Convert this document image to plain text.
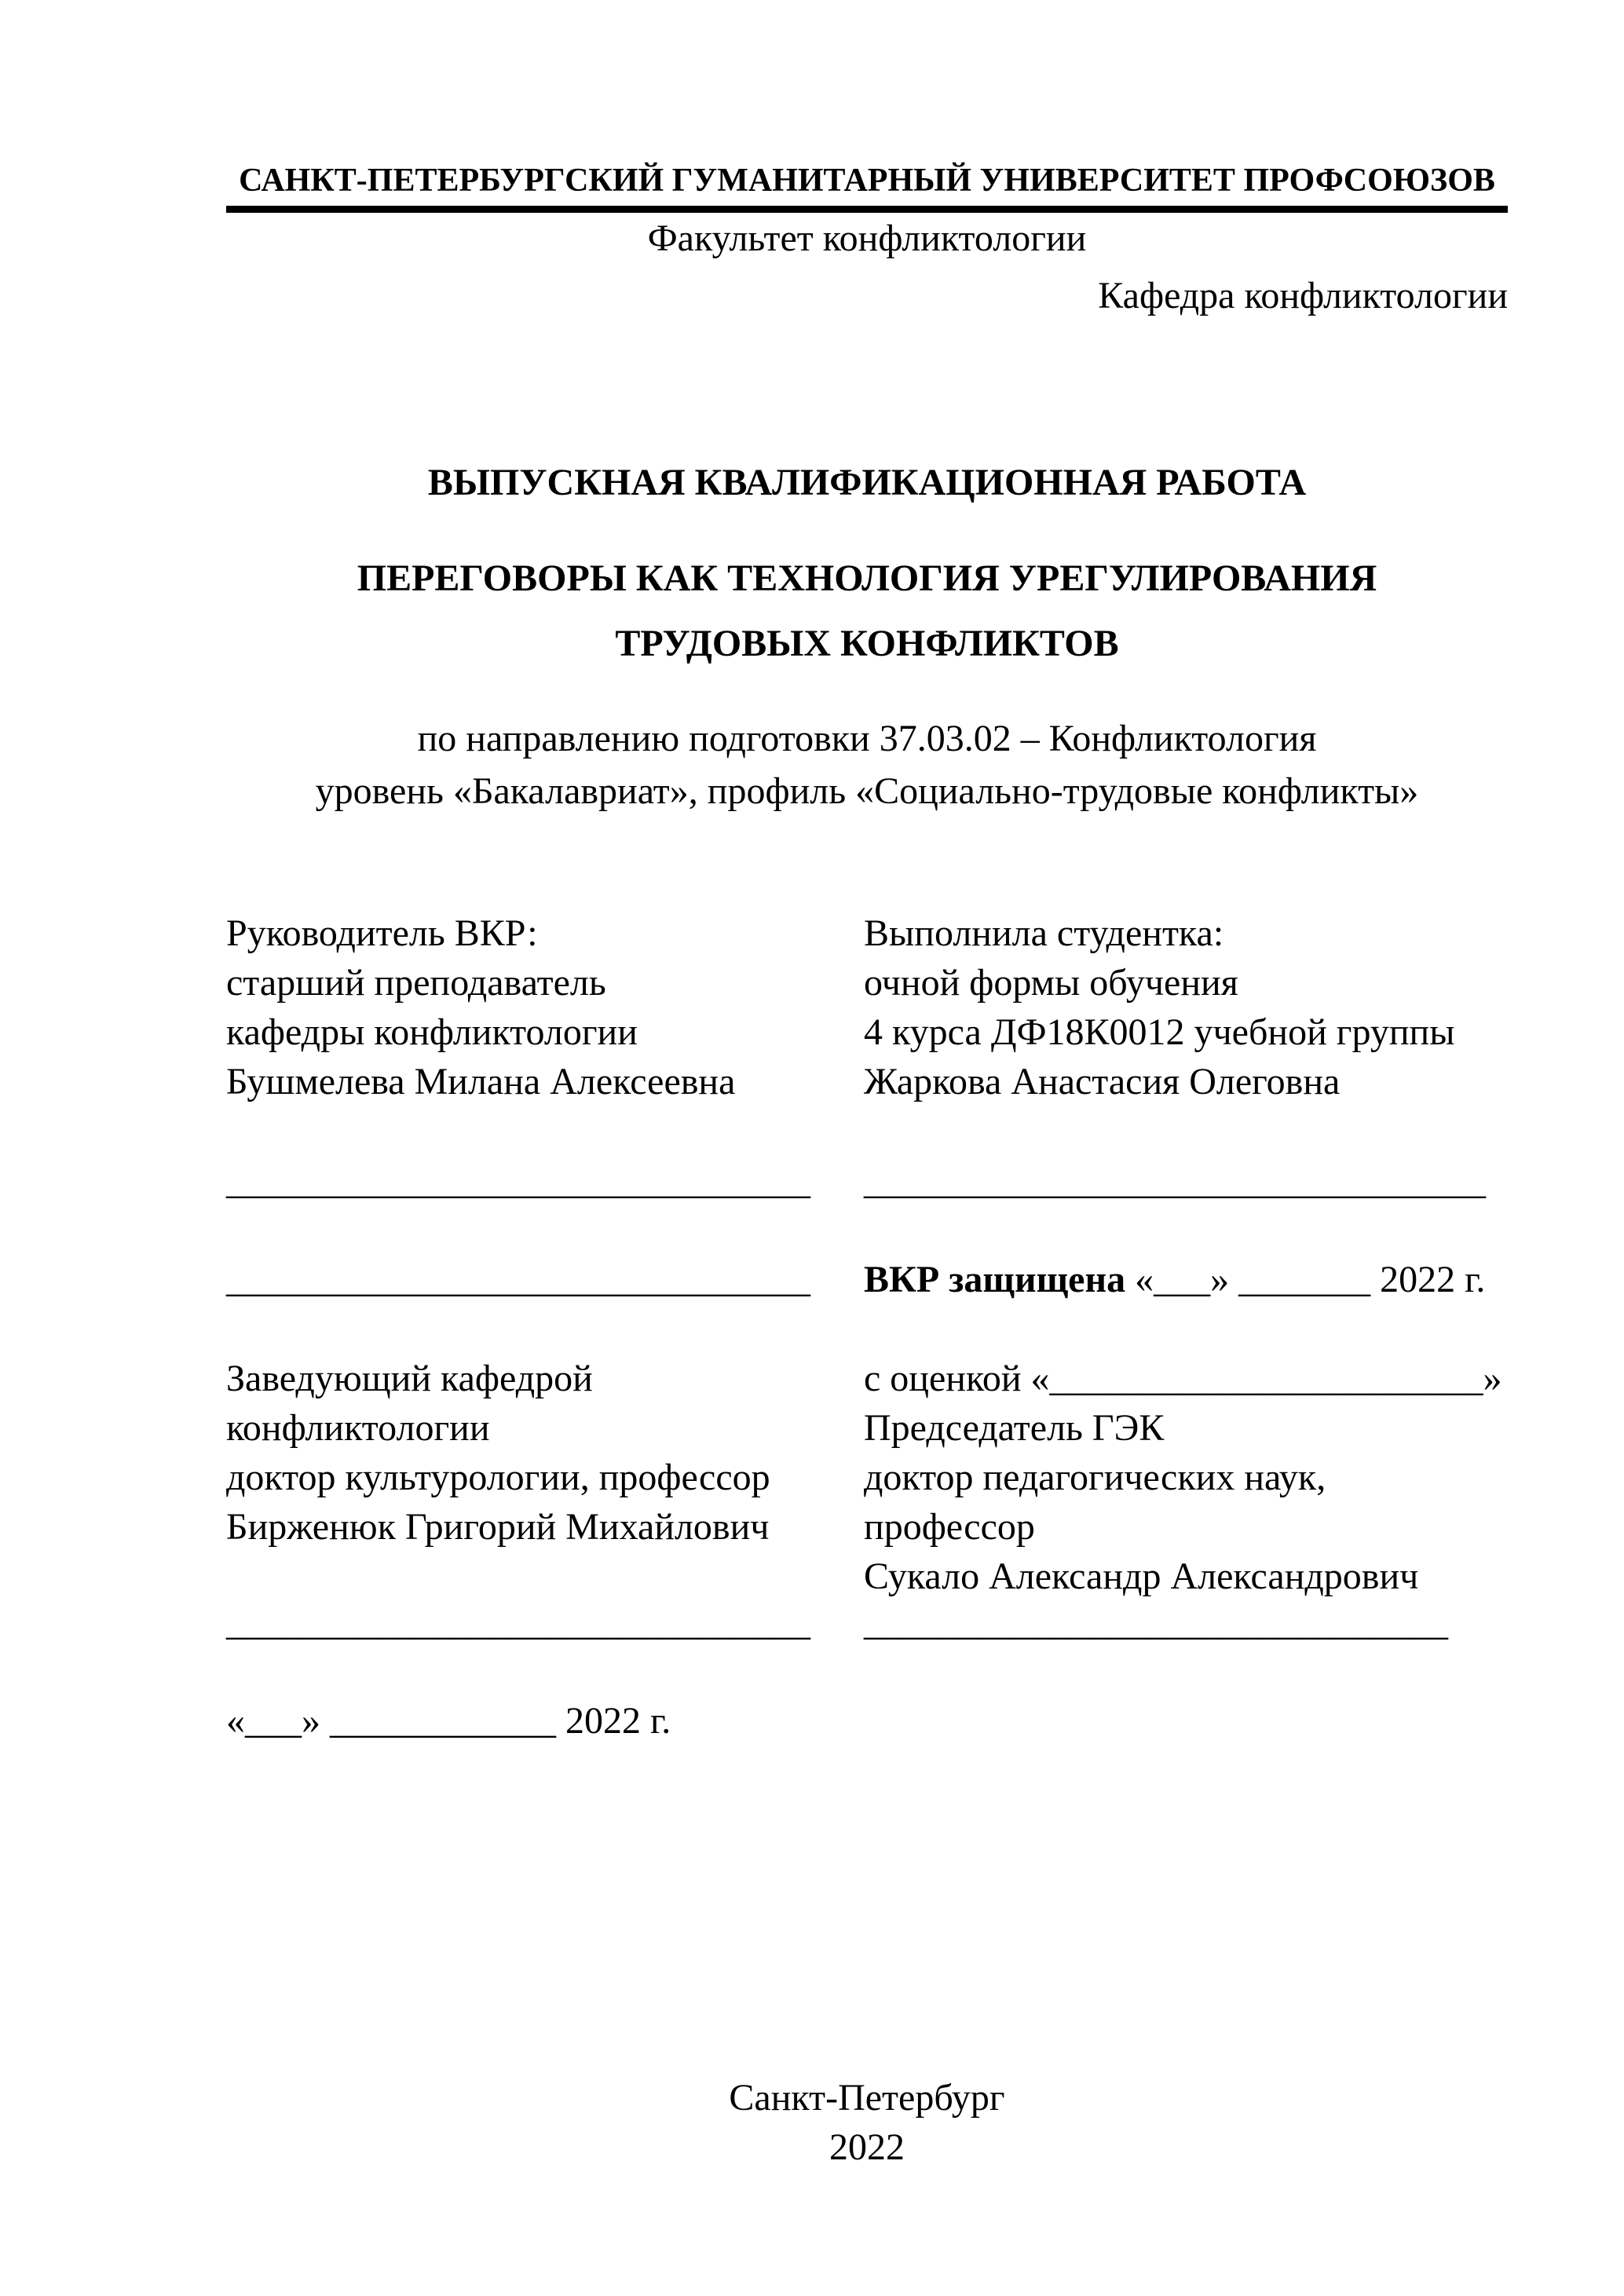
САНКТ-ПЕТЕРБУРГСКИЙ ГУМАНИТАРНЫЙ УНИВЕРСИТЕТ ПРОФСОЮЗОВ
Факультет конфликтологии
Кафедра конфликтологии
ВЫПУСКНАЯ КВАЛИФИКАЦИОННАЯ РАБОТА
ПЕРЕГОВОРЫ КАК ТЕХНОЛОГИЯ УРЕГУЛИРОВАНИЯ
ТРУДОВЫХ КОНФЛИКТОВ
по направлению подготовки 37.03.02 – Конфликтология
уровень «Бакалавриат», профиль «Социально-трудовые конфликты»
Руководитель ВКР:
старший преподаватель
кафедры конфликтологии
Бушмелева Милана Алексеевна
Выполнила студентка:
очной формы обучения
4 курса ДФ18К0012 учебной группы
Жаркова Анастасия Олеговна
_______________________________ _________________________________
_______________________________ ВКР защищена «___» _______ 2022 г.
Заведующий кафедрой
конфликтологии
доктор культурологии, профессор
Бирженюк Григорий Михайлович
с оценкой «_______________________»
Председатель ГЭК
доктор педагогических наук,
профессор
Сукало Александр Александрович
_______________________________ _______________________________
«___» ____________ 2022 г.
Санкт-Петербург
2022
